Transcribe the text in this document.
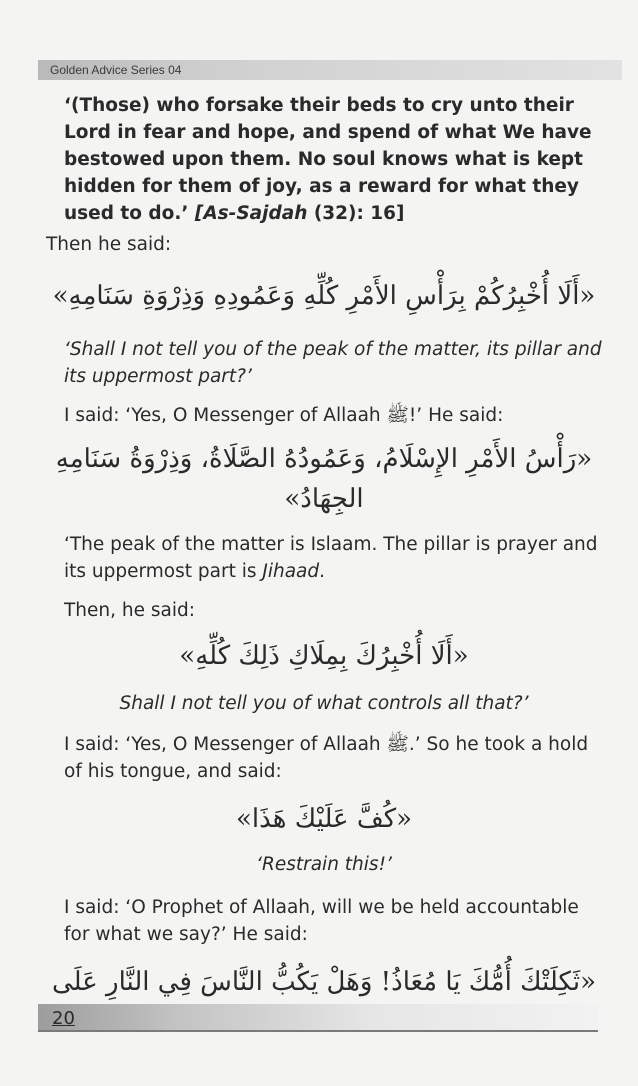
Golden Advice Series 04

‘(Those) who forsake their beds to cry unto their Lord in fear and hope, and spend of what We have bestowed upon them. No soul knows what is kept hidden for them of joy, as a reward for what they used to do.’ [As-Sajdah (32): 16]

Then he said:

«أَلَا أُخْبِرُكُمْ بِرَأْسِ الأَمْرِ كُلِّهِ وَعَمُودِهِ وَذِرْوَةِ سَنَامِهِ»

‘Shall I not tell you of the peak of the matter, its pillar and its uppermost part?’

I said: ‘Yes, O Messenger of Allaah ﷺ!’ He said:

«رَأْسُ الأَمْرِ الإِسْلَامُ، وَعَمُودُهُ الصَّلَاةُ، وَذِرْوَةُ سَنَامِهِ الجِهَادُ»

‘The peak of the matter is Islaam. The pillar is prayer and its uppermost part is Jihaad.

Then, he said:

«أَلَا أُخْبِرُكَ بِمِلَاكِ ذَلِكَ كُلِّهِ»

Shall I not tell you of what controls all that?’

I said: ‘Yes, O Messenger of Allaah ﷺ.’ So he took a hold of his tongue, and said:

«كُفَّ عَلَيْكَ هَذَا»

‘Restrain this!’

I said: ‘O Prophet of Allaah, will we be held accountable for what we say?’ He said:

«ثَكِلَتْكَ أُمُّكَ يَا مُعَاذُ! وَهَلْ يَكُبُّ النَّاسَ فِي النَّارِ عَلَى

20
